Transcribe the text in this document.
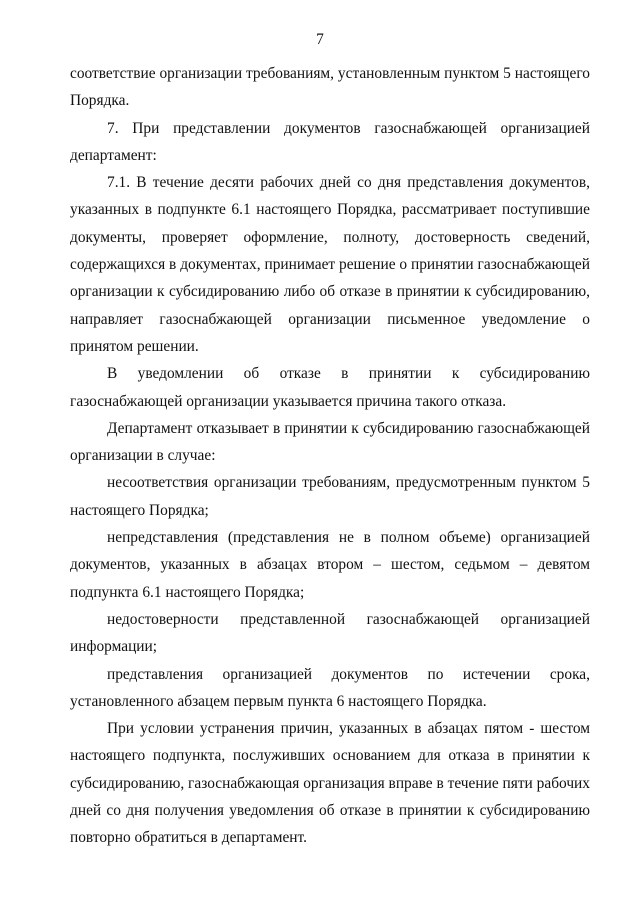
7

соответствие организации требованиям, установленным пунктом 5 настоящего Порядка.

7. При представлении документов газоснабжающей организацией департамент:

7.1. В течение десяти рабочих дней со дня представления документов, указанных в подпункте 6.1 настоящего Порядка, рассматривает поступившие документы, проверяет оформление, полноту, достоверность сведений, содержащихся в документах, принимает решение о принятии газоснабжающей организации к субсидированию либо об отказе в принятии к субсидированию, направляет газоснабжающей организации письменное уведомление о принятом решении.

В уведомлении об отказе в принятии к субсидированию газоснабжающей организации указывается причина такого отказа.

Департамент отказывает в принятии к субсидированию газоснабжающей организации в случае:

несоответствия организации требованиям, предусмотренным пунктом 5 настоящего Порядка;

непредставления (представления не в полном объеме) организацией документов, указанных в абзацах втором – шестом, седьмом – девятом подпункта 6.1 настоящего Порядка;

недостоверности представленной газоснабжающей организацией информации;

представления организацией документов по истечении срока, установленного абзацем первым пункта 6 настоящего Порядка.

При условии устранения причин, указанных в абзацах пятом - шестом настоящего подпункта, послуживших основанием для отказа в принятии к субсидированию, газоснабжающая организация вправе в течение пяти рабочих дней со дня получения уведомления об отказе в принятии к субсидированию повторно обратиться в департамент.
